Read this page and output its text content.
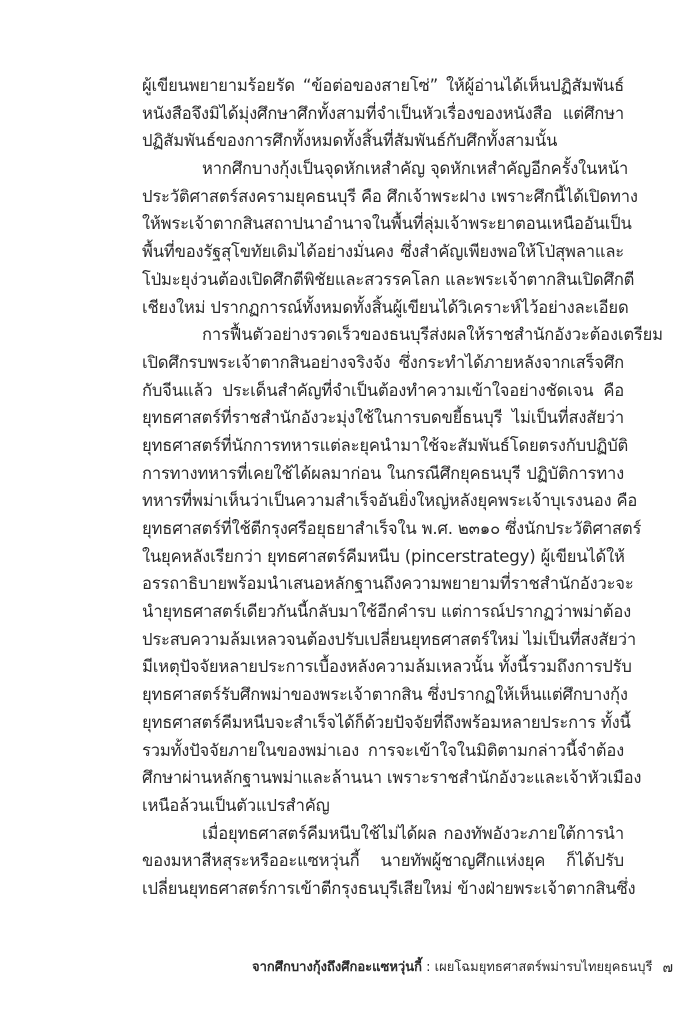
ผู้เขียนพยายามร้อยรัด “ข้อต่อของสายโซ่” ให้ผู้อ่านได้เห็นปฏิสัมพันธ์
หนังสือจึงมิได้มุ่งศึกษาศึกทั้งสามที่จำเป็นหัวเรื่องของหนังสือ แต่ศึกษา
ปฏิสัมพันธ์ของการศึกทั้งหมดทั้งสิ้นที่สัมพันธ์กับศึกทั้งสามนั้น
หากศึกบางกุ้งเป็นจุดหักเหสำคัญ จุดหักเหสำคัญอีกครั้งในหน้า
ประวัติศาสตร์สงครามยุคธนบุรี คือ ศึกเจ้าพระฝาง เพราะศึกนี้ได้เปิดทาง
ให้พระเจ้าตากสินสถาปนาอำนาจในพื้นที่ลุ่มเจ้าพระยาตอนเหนืออันเป็น
พื้นที่ของรัฐสุโขทัยเดิมได้อย่างมั่นคง ซึ่งสำคัญเพียงพอให้โป่สุพลาและ
โป่มะยุง่วนต้องเปิดศึกตีพิชัยและสวรรคโลก และพระเจ้าตากสินเปิดศึกตี
เชียงใหม่ ปรากฏการณ์ทั้งหมดทั้งสิ้นผู้เขียนได้วิเคราะห์ไว้อย่างละเอียด
การฟื้นตัวอย่างรวดเร็วของธนบุรีส่งผลให้ราชสำนักอังวะต้องเตรียม
เปิดศึกรบพระเจ้าตากสินอย่างจริงจัง ซึ่งกระทำได้ภายหลังจากเสร็จศึก
กับจีนแล้ว ประเด็นสำคัญที่จำเป็นต้องทำความเข้าใจอย่างชัดเจน คือ
ยุทธศาสตร์ที่ราชสำนักอังวะมุ่งใช้ในการบดขยี้ธนบุรี ไม่เป็นที่สงสัยว่า
ยุทธศาสตร์ที่นักการทหารแต่ละยุคนำมาใช้จะสัมพันธ์โดยตรงกับปฏิบัติ
การทางทหารที่เคยใช้ได้ผลมาก่อน ในกรณีศึกยุคธนบุรี ปฏิบัติการทาง
ทหารที่พม่าเห็นว่าเป็นความสำเร็จอันยิ่งใหญ่หลังยุคพระเจ้าบุเรงนอง คือ
ยุทธศาสตร์ที่ใช้ตีกรุงศรีอยุธยาสำเร็จใน พ.ศ. ๒๓๑๐ ซึ่งนักประวัติศาสตร์
ในยุคหลังเรียกว่า ยุทธศาสตร์คีมหนีบ (pincerstrategy) ผู้เขียนได้ให้
อรรถาธิบายพร้อมนำเสนอหลักฐานถึงความพยายามที่ราชสำนักอังวะจะ
นำยุทธศาสตร์เดียวกันนี้กลับมาใช้อีกคำรบ แต่การณ์ปรากฏว่าพม่าต้อง
ประสบความล้มเหลวจนต้องปรับเปลี่ยนยุทธศาสตร์ใหม่ ไม่เป็นที่สงสัยว่า
มีเหตุปัจจัยหลายประการเบื้องหลังความล้มเหลวนั้น ทั้งนี้รวมถึงการปรับ
ยุทธศาสตร์รับศึกพม่าของพระเจ้าตากสิน ซึ่งปรากฏให้เห็นแต่ศึกบางกุ้ง
ยุทธศาสตร์คีมหนีบจะสำเร็จได้ก็ด้วยปัจจัยที่ถึงพร้อมหลายประการ ทั้งนี้
รวมทั้งปัจจัยภายในของพม่าเอง การจะเข้าใจในมิติตามกล่าวนี้จำต้อง
ศึกษาผ่านหลักฐานพม่าและล้านนา เพราะราชสำนักอังวะและเจ้าหัวเมือง
เหนือล้วนเป็นตัวแปรสำคัญ
เมื่อยุทธศาสตร์คีมหนีบใช้ไม่ได้ผล กองทัพอังวะภายใต้การนำ
ของมหาสีหสุระหรืออะแซหวุ่นกี้ นายทัพผู้ชาญศึกแห่งยุค ก็ได้ปรับ
เปลี่ยนยุทธศาสตร์การเข้าตีกรุงธนบุรีเสียใหม่ ข้างฝ่ายพระเจ้าตากสินซึ่ง
จากศึกบางกุ้งถึงศึกอะแซหวุ่นกี้ : เผยโฉมยุทธศาสตร์พม่ารบไทยยุคธนบุรี ๗
